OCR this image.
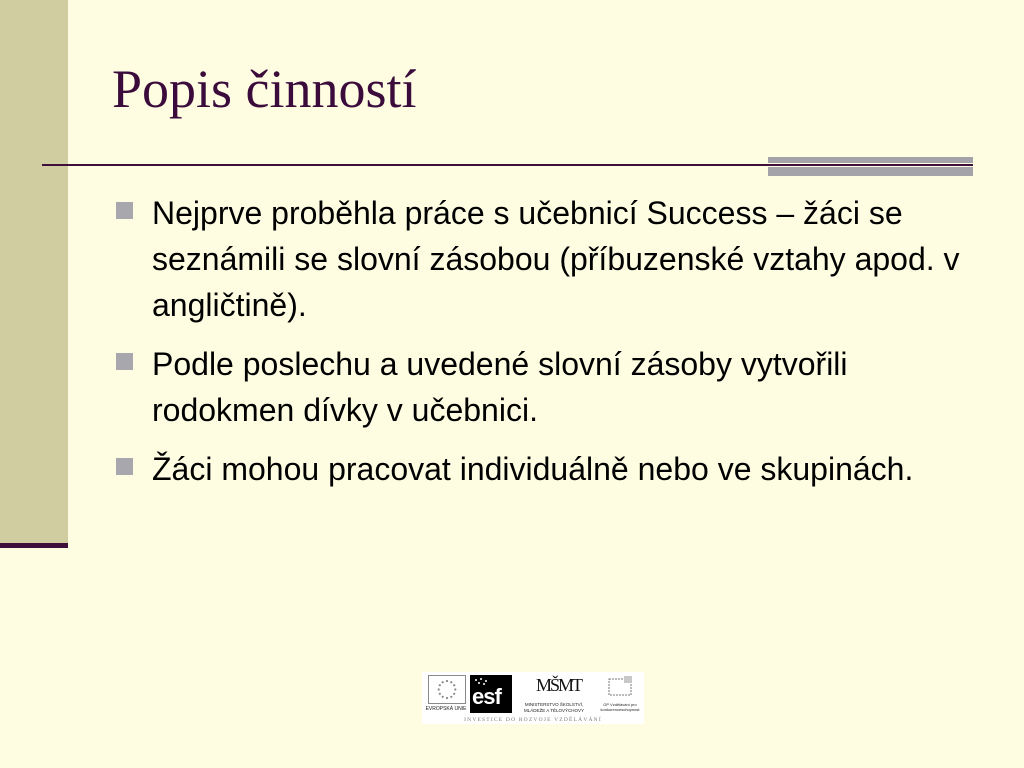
Popis činností
Nejprve proběhla práce s učebnicí Success – žáci se seznámili se slovní zásobou (příbuzenské vztahy apod. v angličtině).
Podle poslechu a uvedené slovní zásoby vytvořili rodokmen dívky v učebnici.
Žáci mohou pracovat individuálně nebo ve skupinách.
EVROPSKÁ UNIE esf MŠMT
MINISTERSTVO ŠKOLSTVÍ, MLÁDEŽE A TĚLOVÝCHOVY
OP Vzdělávání pro konkurenceschopnost
INVESTICE DO ROZVOJE VZDĚLÁVÁNÍ
